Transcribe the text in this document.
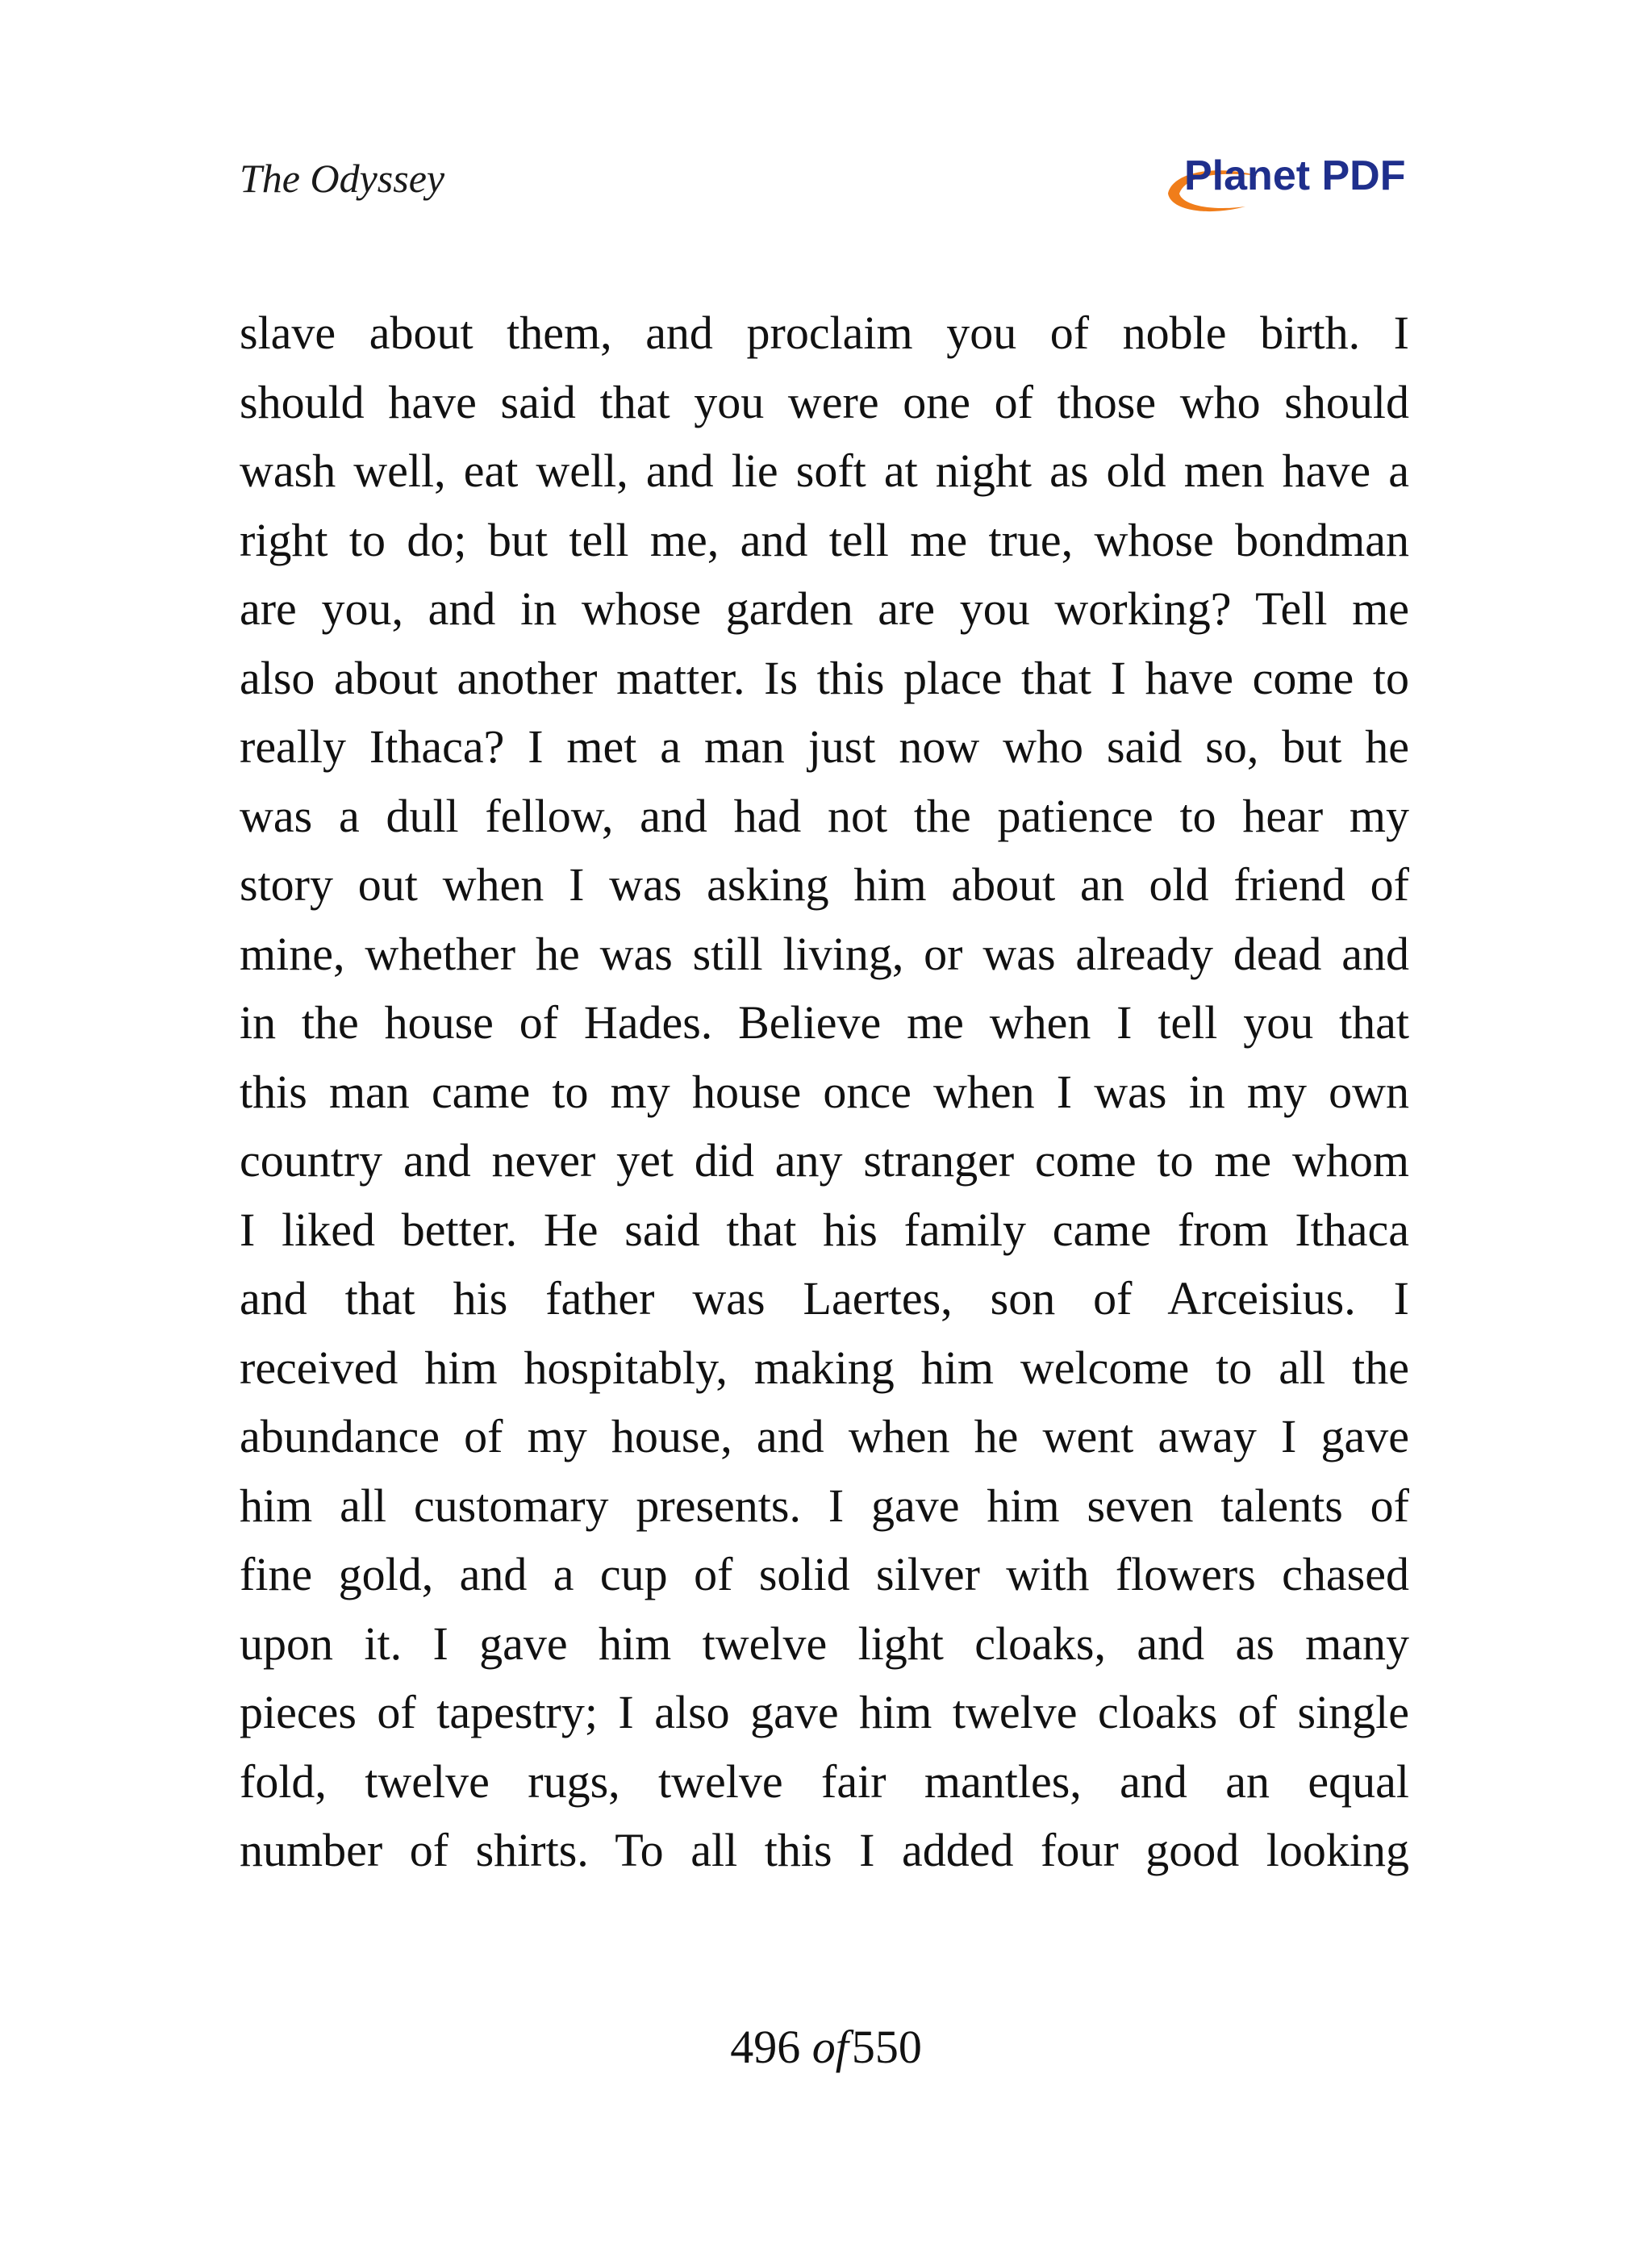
The Odyssey	Planet PDF
slave about them, and proclaim you of noble birth. I
should have said that you were one of those who should
wash well, eat well, and lie soft at night as old men have a
right to do; but tell me, and tell me true, whose bondman
are you, and in whose garden are you working? Tell me
also about another matter. Is this place that I have come to
really Ithaca? I met a man just now who said so, but he
was a dull fellow, and had not the patience to hear my
story out when I was asking him about an old friend of
mine, whether he was still living, or was already dead and
in the house of Hades. Believe me when I tell you that
this man came to my house once when I was in my own
country and never yet did any stranger come to me whom
I liked better. He said that his family came from Ithaca
and that his father was Laertes, son of Arceisius. I
received him hospitably, making him welcome to all the
abundance of my house, and when he went away I gave
him all customary presents. I gave him seven talents of
fine gold, and a cup of solid silver with flowers chased
upon it. I gave him twelve light cloaks, and as many
pieces of tapestry; I also gave him twelve cloaks of single
fold, twelve rugs, twelve fair mantles, and an equal
number of shirts. To all this I added four good looking
496 of550
